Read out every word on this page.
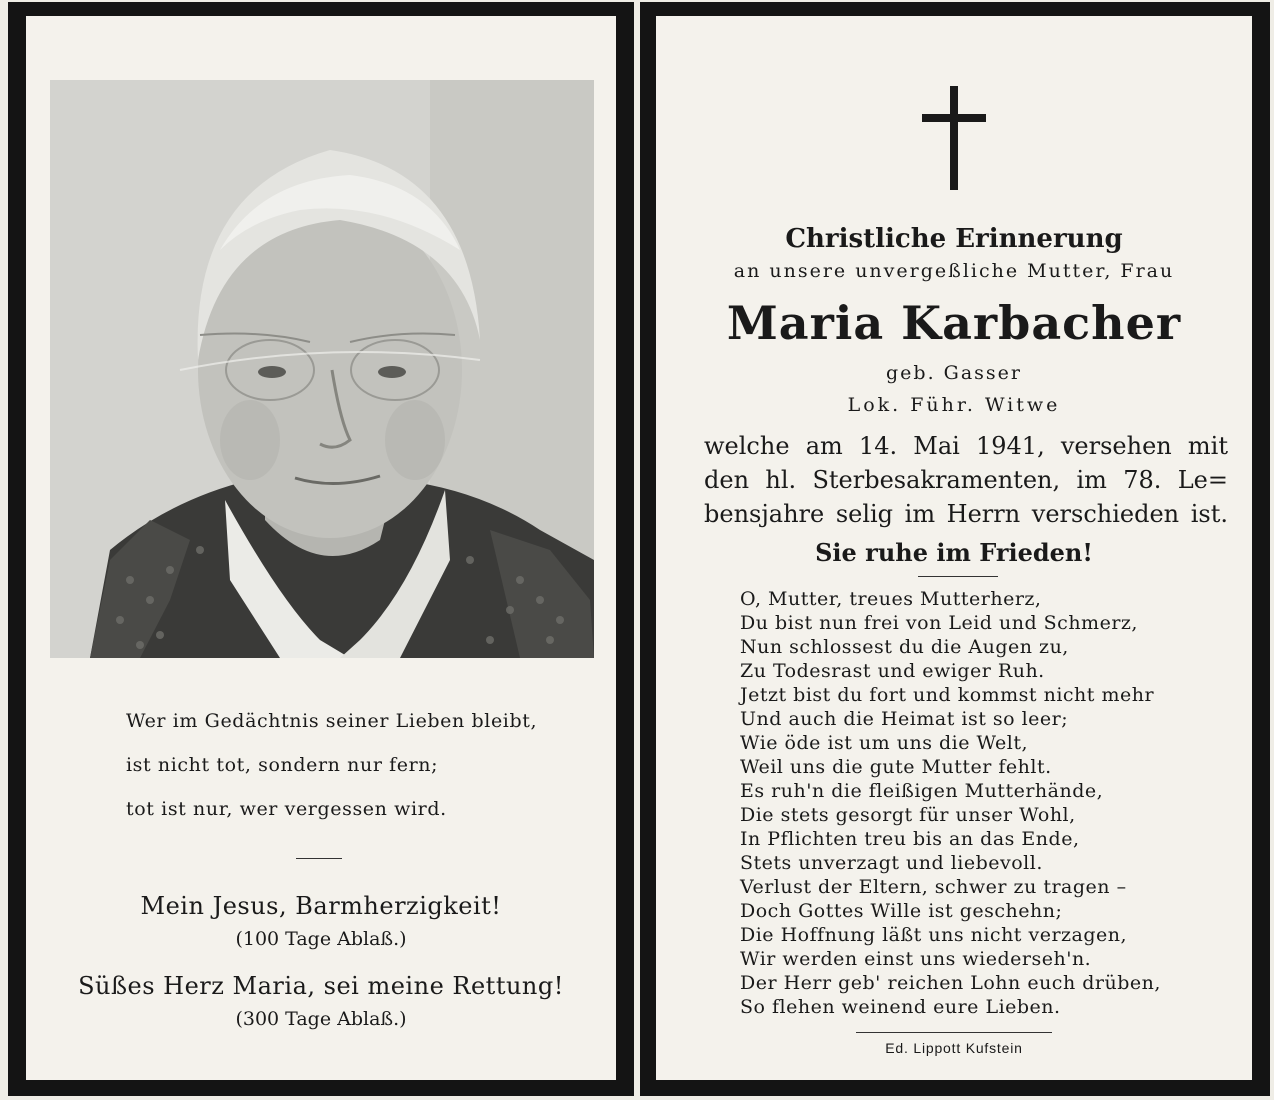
Wer im Gedächtnis seiner Lieben bleibt,
ist nicht tot, sondern nur fern;
tot ist nur, wer vergessen wird.
Mein Jesus, Barmherzigkeit!
(100 Tage Ablaß.)
Süßes Herz Maria, sei meine Rettung!
(300 Tage Ablaß.)
Christliche Erinnerung
an unsere unvergeßliche Mutter, Frau
Maria Karbacher
geb. Gasser
Lok. Führ. Witwe
welche am 14. Mai 1941, versehen mit
den hl. Sterbesakramenten, im 78. Le=
bensjahre selig im Herrn verschieden ist.
Sie ruhe im Frieden!
O, Mutter, treues Mutterherz,
Du bist nun frei von Leid und Schmerz,
Nun schlossest du die Augen zu,
Zu Todesrast und ewiger Ruh.
Jetzt bist du fort und kommst nicht mehr
Und auch die Heimat ist so leer;
Wie öde ist um uns die Welt,
Weil uns die gute Mutter fehlt.
Es ruh'n die fleißigen Mutterhände,
Die stets gesorgt für unser Wohl,
In Pflichten treu bis an das Ende,
Stets unverzagt und liebevoll.
Verlust der Eltern, schwer zu tragen –
Doch Gottes Wille ist geschehn;
Die Hoffnung läßt uns nicht verzagen,
Wir werden einst uns wiederseh'n.
Der Herr geb' reichen Lohn euch drüben,
So flehen weinend eure Lieben.
Ed. Lippott Kufstein
